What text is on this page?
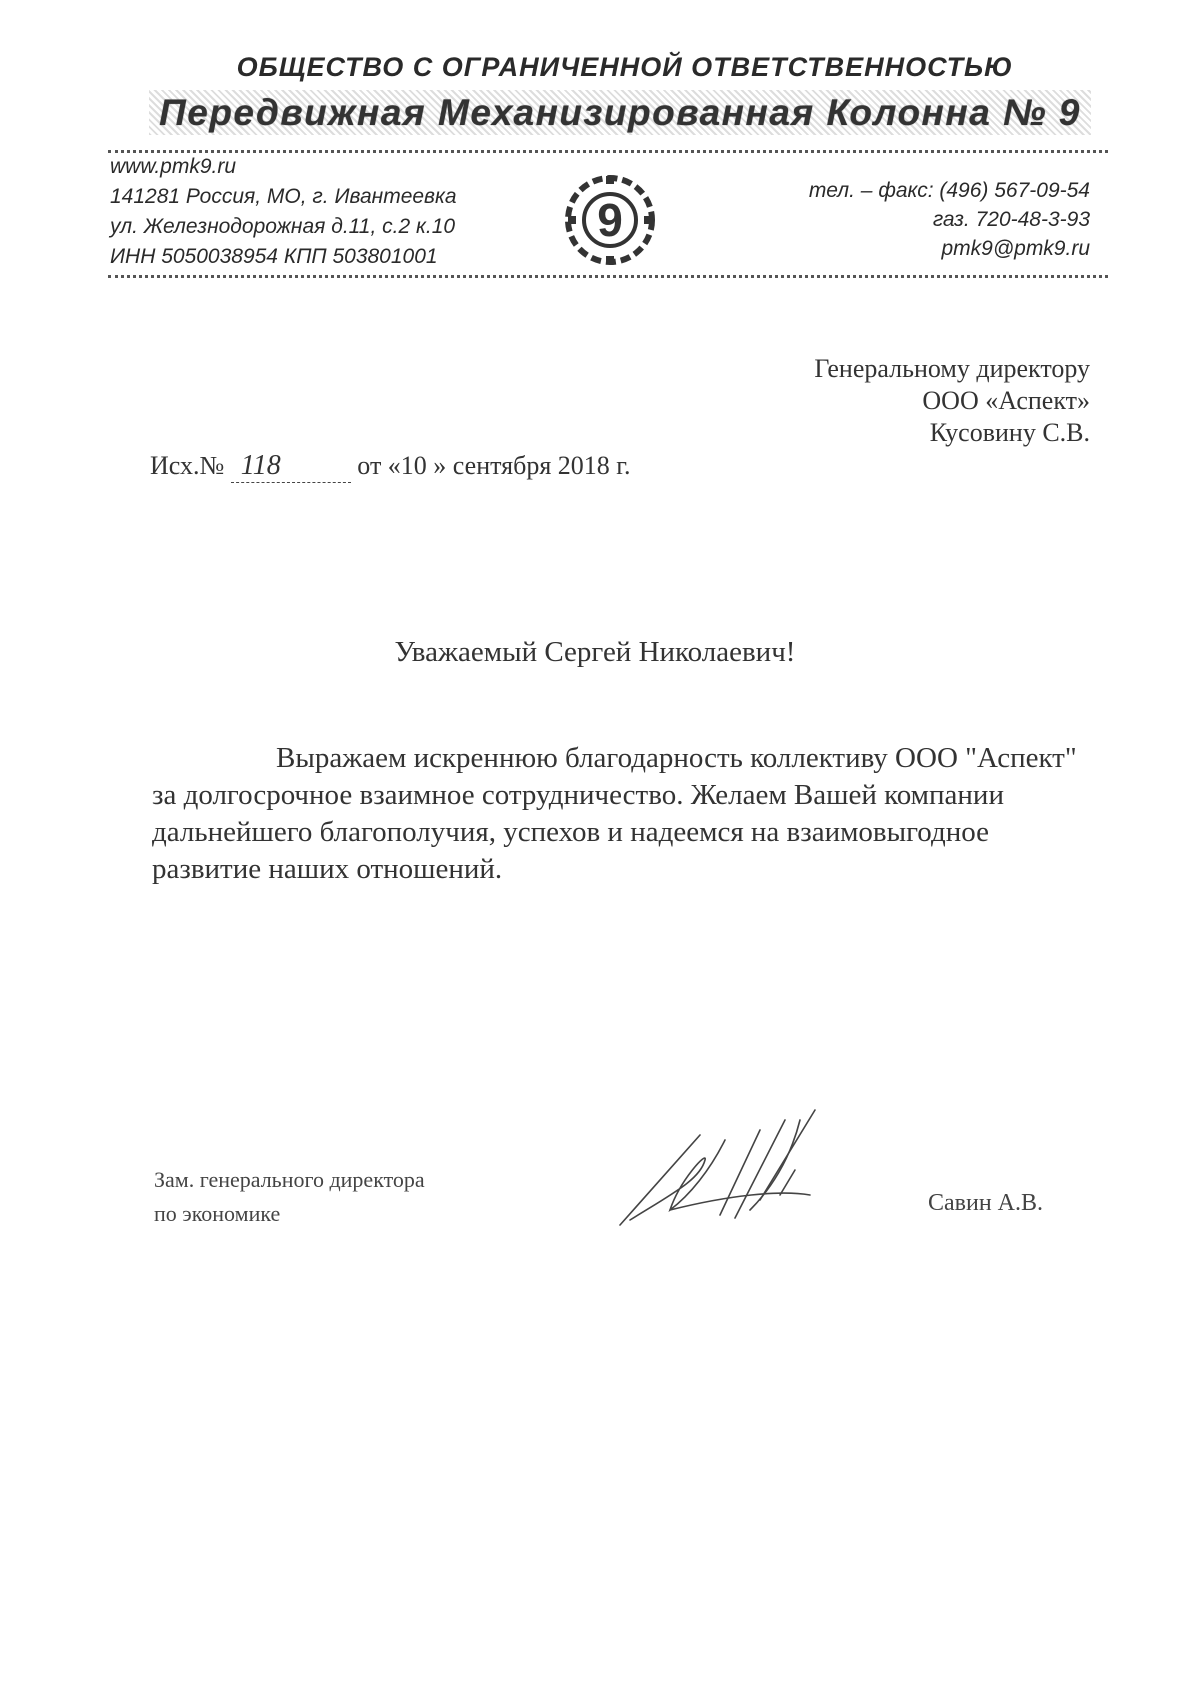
ОБЩЕСТВО С ОГРАНИЧЕННОЙ ОТВЕТСТВЕННОСТЬЮ
Передвижная Механизированная Колонна № 9
www.pmk9.ru
141281 Россия, МО, г. Ивантеевка
ул. Железнодорожная д.11, с.2 к.10
ИНН 5050038954 КПП 503801001
9
тел. – факс: (496) 567-09-54
газ. 720-48-3-93
pmk9@pmk9.ru
Генеральному директору
ООО «Аспект»
Кусовину С.В.
Исх.№ 118	от «10 » сентября 2018 г.
Уважаемый Сергей Николаевич!

Выражаем искреннюю благодарность коллективу ООО "Аспект" за долгосрочное взаимное сотрудничество. Желаем Вашей компании дальнейшего благополучия, успехов и надеемся на взаимовыгодное развитие наших отношений.

Зам. генерального директора
по экономике	Савин А.В.
